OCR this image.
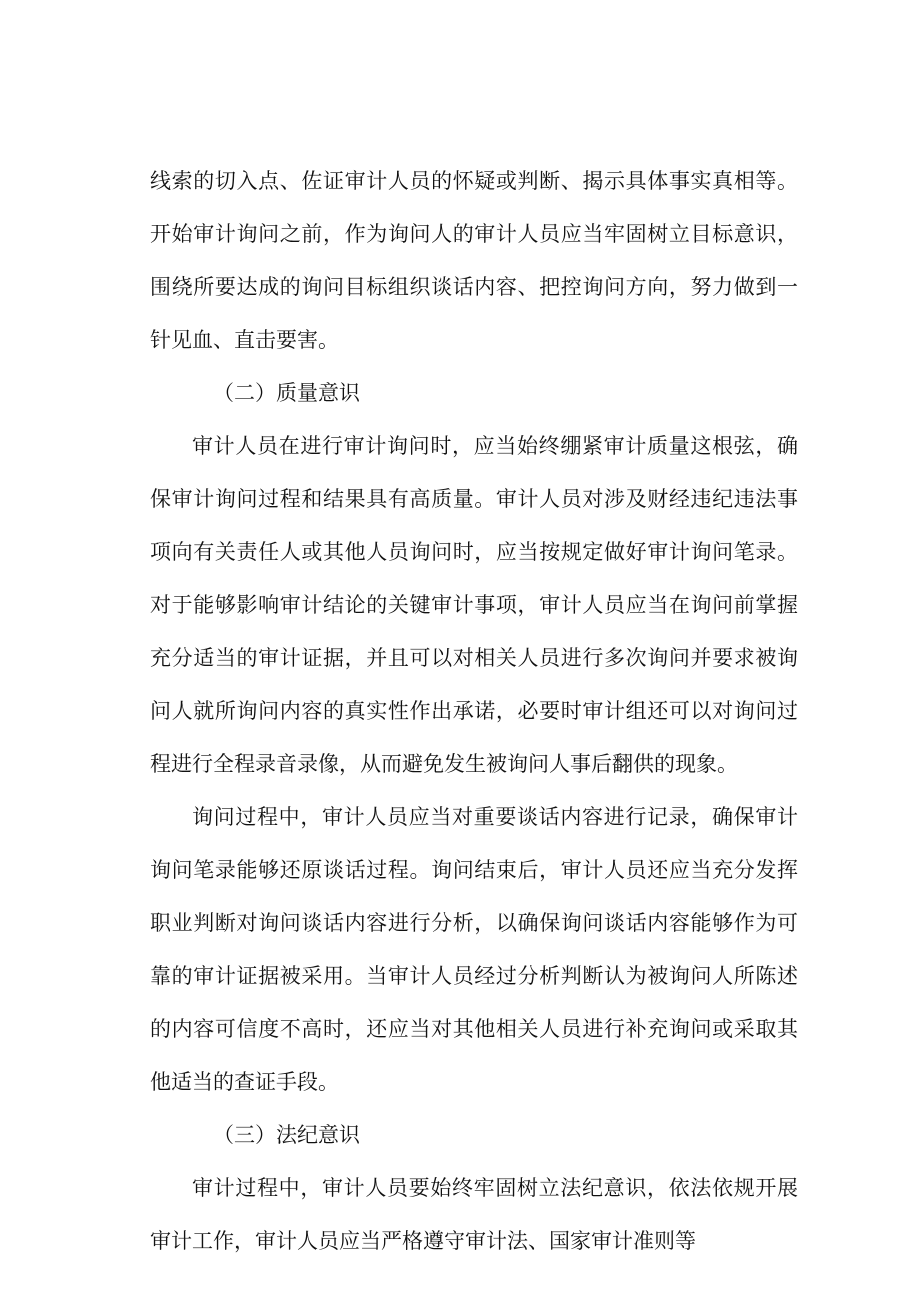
线索的切入点、佐证审计人员的怀疑或判断、揭示具体事实真相等。开始审计询问之前，作为询问人的审计人员应当牢固树立目标意识，围绕所要达成的询问目标组织谈话内容、把控询问方向，努力做到一针见血、直击要害。

（二）质量意识

审计人员在进行审计询问时，应当始终绷紧审计质量这根弦，确保审计询问过程和结果具有高质量。审计人员对涉及财经违纪违法事项向有关责任人或其他人员询问时，应当按规定做好审计询问笔录。对于能够影响审计结论的关键审计事项，审计人员应当在询问前掌握充分适当的审计证据，并且可以对相关人员进行多次询问并要求被询问人就所询问内容的真实性作出承诺，必要时审计组还可以对询问过程进行全程录音录像，从而避免发生被询问人事后翻供的现象。

询问过程中，审计人员应当对重要谈话内容进行记录，确保审计询问笔录能够还原谈话过程。询问结束后，审计人员还应当充分发挥职业判断对询问谈话内容进行分析，以确保询问谈话内容能够作为可靠的审计证据被采用。当审计人员经过分析判断认为被询问人所陈述的内容可信度不高时，还应当对其他相关人员进行补充询问或采取其他适当的查证手段。

（三）法纪意识

审计过程中，审计人员要始终牢固树立法纪意识，依法依规开展审计工作，审计人员应当严格遵守审计法、国家审计准则等
